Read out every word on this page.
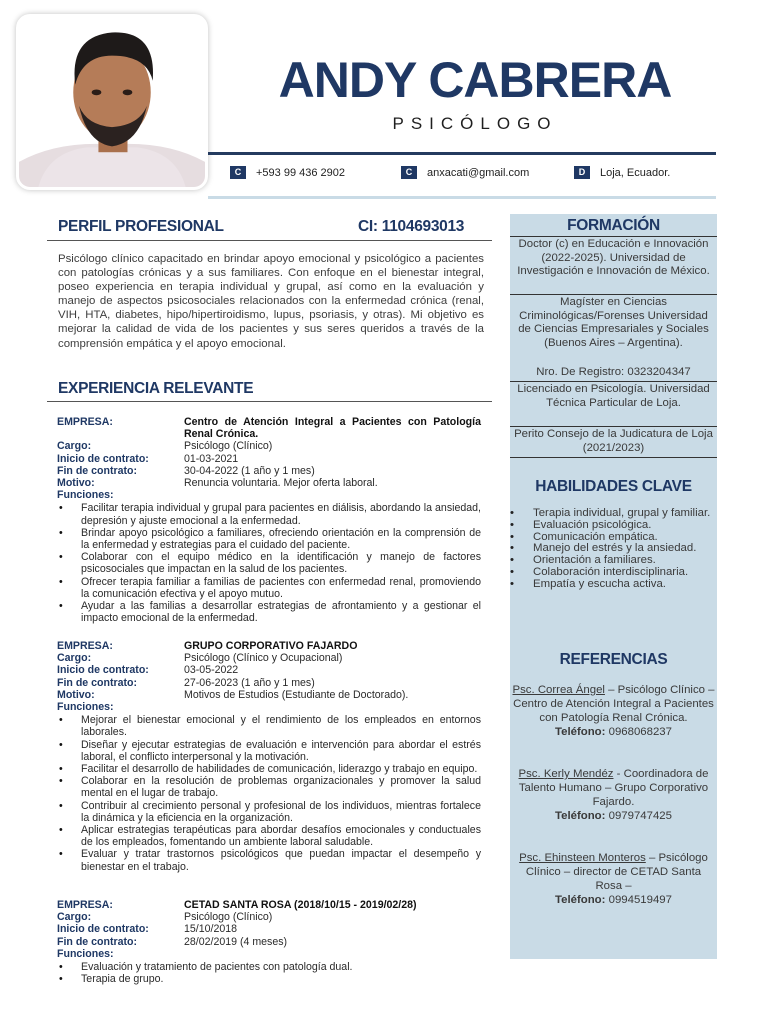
ANDY CABRERA
PSICÓLOGO
C	+593 99 436 2902	C	anxacati@gmail.com	D	Loja, Ecuador.
PERFIL PROFESIONAL	CI: 1104693013
Psicólogo clínico capacitado en brindar apoyo emocional y psicológico a pacientes con patologías crónicas y a sus familiares. Con enfoque en el bienestar integral, poseo experiencia en terapia individual y grupal, así como en la evaluación y manejo de aspectos psicosociales relacionados con la enfermedad crónica (renal, VIH, HTA, diabetes, hipo/hipertiroidismo, lupus, psoriasis, y otras). Mi objetivo es mejorar la calidad de vida de los pacientes y sus seres queridos a través de la comprensión empática y el apoyo emocional.
EXPERIENCIA RELEVANTE
EMPRESA:	Centro de Atención Integral a Pacientes con Patología Renal Crónica.
Cargo:	Psicólogo (Clínico)
Inicio de contrato:	01-03-2021
Fin de contrato:	30-04-2022 (1 año y 1 mes)
Motivo:	Renuncia voluntaria. Mejor oferta laboral.
Funciones:
• Facilitar terapia individual y grupal para pacientes en diálisis, abordando la ansiedad, depresión y ajuste emocional a la enfermedad.
• Brindar apoyo psicológico a familiares, ofreciendo orientación en la comprensión de la enfermedad y estrategias para el cuidado del paciente.
• Colaborar con el equipo médico en la identificación y manejo de factores psicosociales que impactan en la salud de los pacientes.
• Ofrecer terapia familiar a familias de pacientes con enfermedad renal, promoviendo la comunicación efectiva y el apoyo mutuo.
• Ayudar a las familias a desarrollar estrategias de afrontamiento y a gestionar el impacto emocional de la enfermedad.
EMPRESA:	GRUPO CORPORATIVO FAJARDO
Cargo:	Psicólogo (Clínico y Ocupacional)
Inicio de contrato:	03-05-2022
Fin de contrato:	27-06-2023 (1 año y 1 mes)
Motivo:	Motivos de Estudios (Estudiante de Doctorado).
Funciones:
• Mejorar el bienestar emocional y el rendimiento de los empleados en entornos laborales.
• Diseñar y ejecutar estrategias de evaluación e intervención para abordar el estrés laboral, el conflicto interpersonal y la motivación.
• Facilitar el desarrollo de habilidades de comunicación, liderazgo y trabajo en equipo.
• Colaborar en la resolución de problemas organizacionales y promover la salud mental en el lugar de trabajo.
• Contribuir al crecimiento personal y profesional de los individuos, mientras fortalece la dinámica y la eficiencia en la organización.
• Aplicar estrategias terapéuticas para abordar desafíos emocionales y conductuales de los empleados, fomentando un ambiente laboral saludable.
• Evaluar y tratar trastornos psicológicos que puedan impactar el desempeño y bienestar en el trabajo.
EMPRESA:	CETAD SANTA ROSA (2018/10/15 - 2019/02/28)
Cargo:	Psicólogo (Clínico)
Inicio de contrato:	15/10/2018
Fin de contrato:	28/02/2019 (4 meses)
Funciones:
• Evaluación y tratamiento de pacientes con patología dual.
• Terapia de grupo.
FORMACIÓN
Doctor (c) en Educación e Innovación (2022-2025). Universidad de Investigación e Innovación de México.
Magíster en Ciencias Criminológicas/Forenses Universidad de Ciencias Empresariales y Sociales (Buenos Aires – Argentina).
Nro. De Registro: 0323204347
Licenciado en Psicología. Universidad Técnica Particular de Loja.
Perito Consejo de la Judicatura de Loja (2021/2023)
HABILIDADES CLAVE
• Terapia individual, grupal y familiar.
• Evaluación psicológica.
• Comunicación empática.
• Manejo del estrés y la ansiedad.
• Orientación a familiares.
• Colaboración interdisciplinaria.
• Empatía y escucha activa.
REFERENCIAS
Psc. Correa Ángel – Psicólogo Clínico – Centro de Atención Integral a Pacientes con Patología Renal Crónica.
Teléfono: 0968068237
Psc. Kerly Mendéz - Coordinadora de Talento Humano – Grupo Corporativo Fajardo.
Teléfono: 0979747425
Psc. Ehinsteen Monteros – Psicólogo Clínico – director de CETAD Santa Rosa –
Teléfono: 0994519497
